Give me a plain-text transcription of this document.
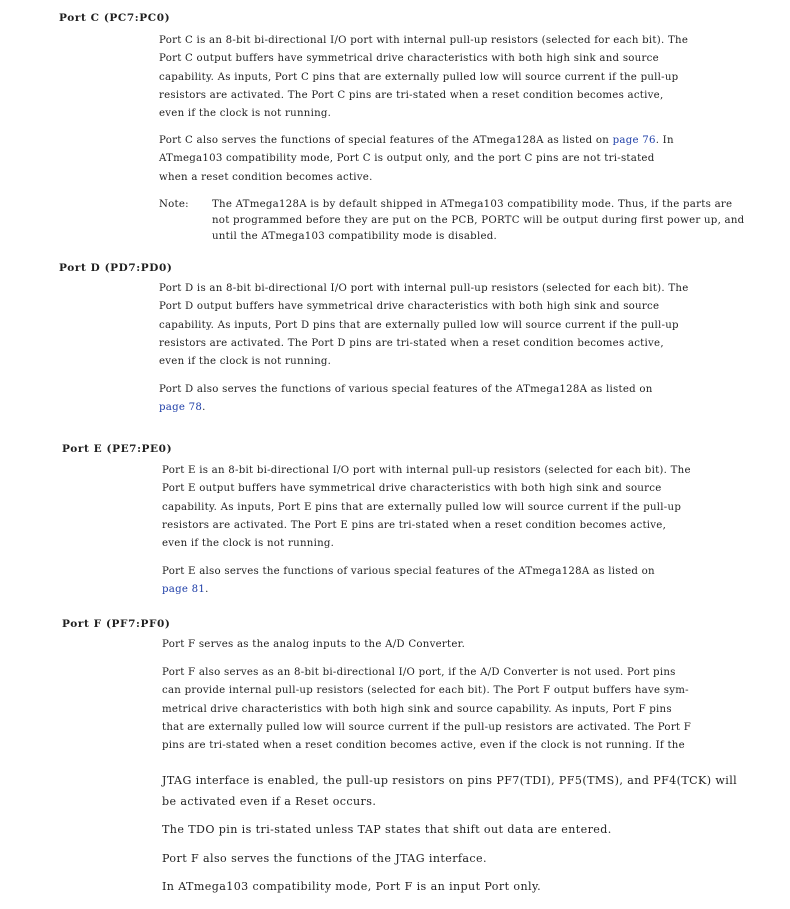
Port C (PC7:PC0)
Port C is an 8-bit bi-directional I/O port with internal pull-up resistors (selected for each bit). The
Port C output buffers have symmetrical drive characteristics with both high sink and source
capability. As inputs, Port C pins that are externally pulled low will source current if the pull-up
resistors are activated. The Port C pins are tri-stated when a reset condition becomes active,
even if the clock is not running.
Port C also serves the functions of special features of the ATmega128A as listed on page 76. In
ATmega103 compatibility mode, Port C is output only, and the port C pins are not tri-stated
when a reset condition becomes active.
Note: The ATmega128A is by default shipped in ATmega103 compatibility mode. Thus, if the parts are
not programmed before they are put on the PCB, PORTC will be output during first power up, and
until the ATmega103 compatibility mode is disabled.
Port D (PD7:PD0)
Port D is an 8-bit bi-directional I/O port with internal pull-up resistors (selected for each bit). The
Port D output buffers have symmetrical drive characteristics with both high sink and source
capability. As inputs, Port D pins that are externally pulled low will source current if the pull-up
resistors are activated. The Port D pins are tri-stated when a reset condition becomes active,
even if the clock is not running.
Port D also serves the functions of various special features of the ATmega128A as listed on
page 78.
Port E (PE7:PE0)
Port E is an 8-bit bi-directional I/O port with internal pull-up resistors (selected for each bit). The
Port E output buffers have symmetrical drive characteristics with both high sink and source
capability. As inputs, Port E pins that are externally pulled low will source current if the pull-up
resistors are activated. The Port E pins are tri-stated when a reset condition becomes active,
even if the clock is not running.
Port E also serves the functions of various special features of the ATmega128A as listed on
page 81.
Port F (PF7:PF0)
Port F serves as the analog inputs to the A/D Converter.
Port F also serves as an 8-bit bi-directional I/O port, if the A/D Converter is not used. Port pins
can provide internal pull-up resistors (selected for each bit). The Port F output buffers have sym-
metrical drive characteristics with both high sink and source capability. As inputs, Port F pins
that are externally pulled low will source current if the pull-up resistors are activated. The Port F
pins are tri-stated when a reset condition becomes active, even if the clock is not running. If the
JTAG interface is enabled, the pull-up resistors on pins PF7(TDI), PF5(TMS), and PF4(TCK) will
be activated even if a Reset occurs.
The TDO pin is tri-stated unless TAP states that shift out data are entered.
Port F also serves the functions of the JTAG interface.
In ATmega103 compatibility mode, Port F is an input Port only.
